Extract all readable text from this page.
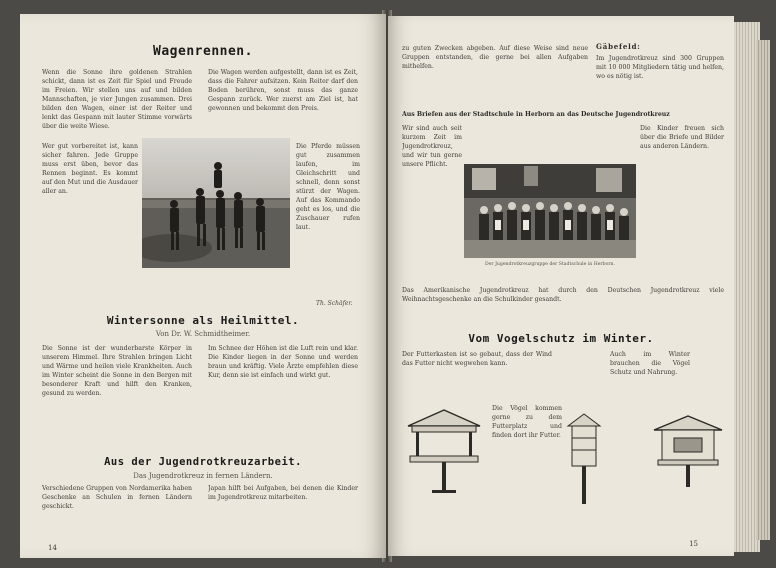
Wagenrennen.

Wenn die Sonne ihre goldenen Strahlen schickt, dann ist es Zeit für Spiel und Freude im Freien. Wir stellen uns auf und bilden Mannschaften, je vier Jungen zusammen. Drei bilden den Wagen, einer ist der Reiter und lenkt das Gespann mit lauter Stimme vorwärts über die weite Wiese.

Die Wagen werden aufgestellt, dann ist es Zeit, dass die Fahrer aufsitzen. Kein Reiter darf den Boden berühren, sonst muss das ganze Gespann zurück. Wer zuerst am Ziel ist, hat gewonnen und bekommt den Preis.

Wer gut vorbereitet ist, kann sicher fahren. Jede Gruppe muss erst üben, bevor das Rennen beginnt. Es kommt auf den Mut und die Ausdauer aller an.

Die Pferde müssen gut zusammen laufen, im Gleichschritt und schnell, denn sonst stürzt der Wagen. Auf das Kommando geht es los, und die Zuschauer rufen laut.

Th. Schäfer.
Wintersonne als Heilmittel.
Von Dr. W. Schmidtheimer.

Die Sonne ist der wunderbarste Körper in unserem Himmel. Ihre Strahlen bringen Licht und Wärme und heilen viele Krankheiten. Auch im Winter scheint die Sonne in den Bergen mit besonderer Kraft und hilft den Kranken, gesund zu werden.

Im Schnee der Höhen ist die Luft rein und klar. Die Kinder liegen in der Sonne und werden braun und kräftig. Viele Ärzte empfehlen diese Kur, denn sie ist einfach und wirkt gut.

Aus der Jugendrotkreuzarbeit.
Das Jugendrotkreuz in fernen Ländern.

Verschiedene Gruppen von Nordamerika haben Geschenke an Schulen in fernen Ländern geschickt.

Japan hilft bei Aufgaben, bei denen die Kinder im Jugendrotkreuz mitarbeiten.

14

zu guten Zwecken abgeben. Auf diese Weise sind neue Gruppen entstanden, die gerne bei allen Aufgaben mithelfen.

Gäbefeld:

Im Jugendrotkreuz sind 300 Gruppen mit 10 000 Mitgliedern tätig und helfen, wo es nötig ist.

Aus Briefen aus der Stadtschule in Herborn an das Deutsche Jugendrotkreuz

Wir sind auch seit kurzem Zeit im Jugendrotkreuz, und wir tun gerne unsere Pflicht.

Der Jugendrotkreuzgruppe der Stadtschule in Herborn.

Die Kinder freuen sich über die Briefe und Bilder aus anderen Ländern.

Das Amerikanische Jugendrotkreuz hat durch den Deutschen Jugendrotkreuz viele Weihnachtsgeschenke an die Schulkinder gesandt.

Vom Vogelschutz im Winter.

Der Futterkasten ist so gebaut, dass der Wind das Futter nicht wegwehen kann.

Die Vögel kommen gerne zu dem Futterplatz und finden dort ihr Futter.

Auch im Winter brauchen die Vögel Schutz und Nahrung.

15
